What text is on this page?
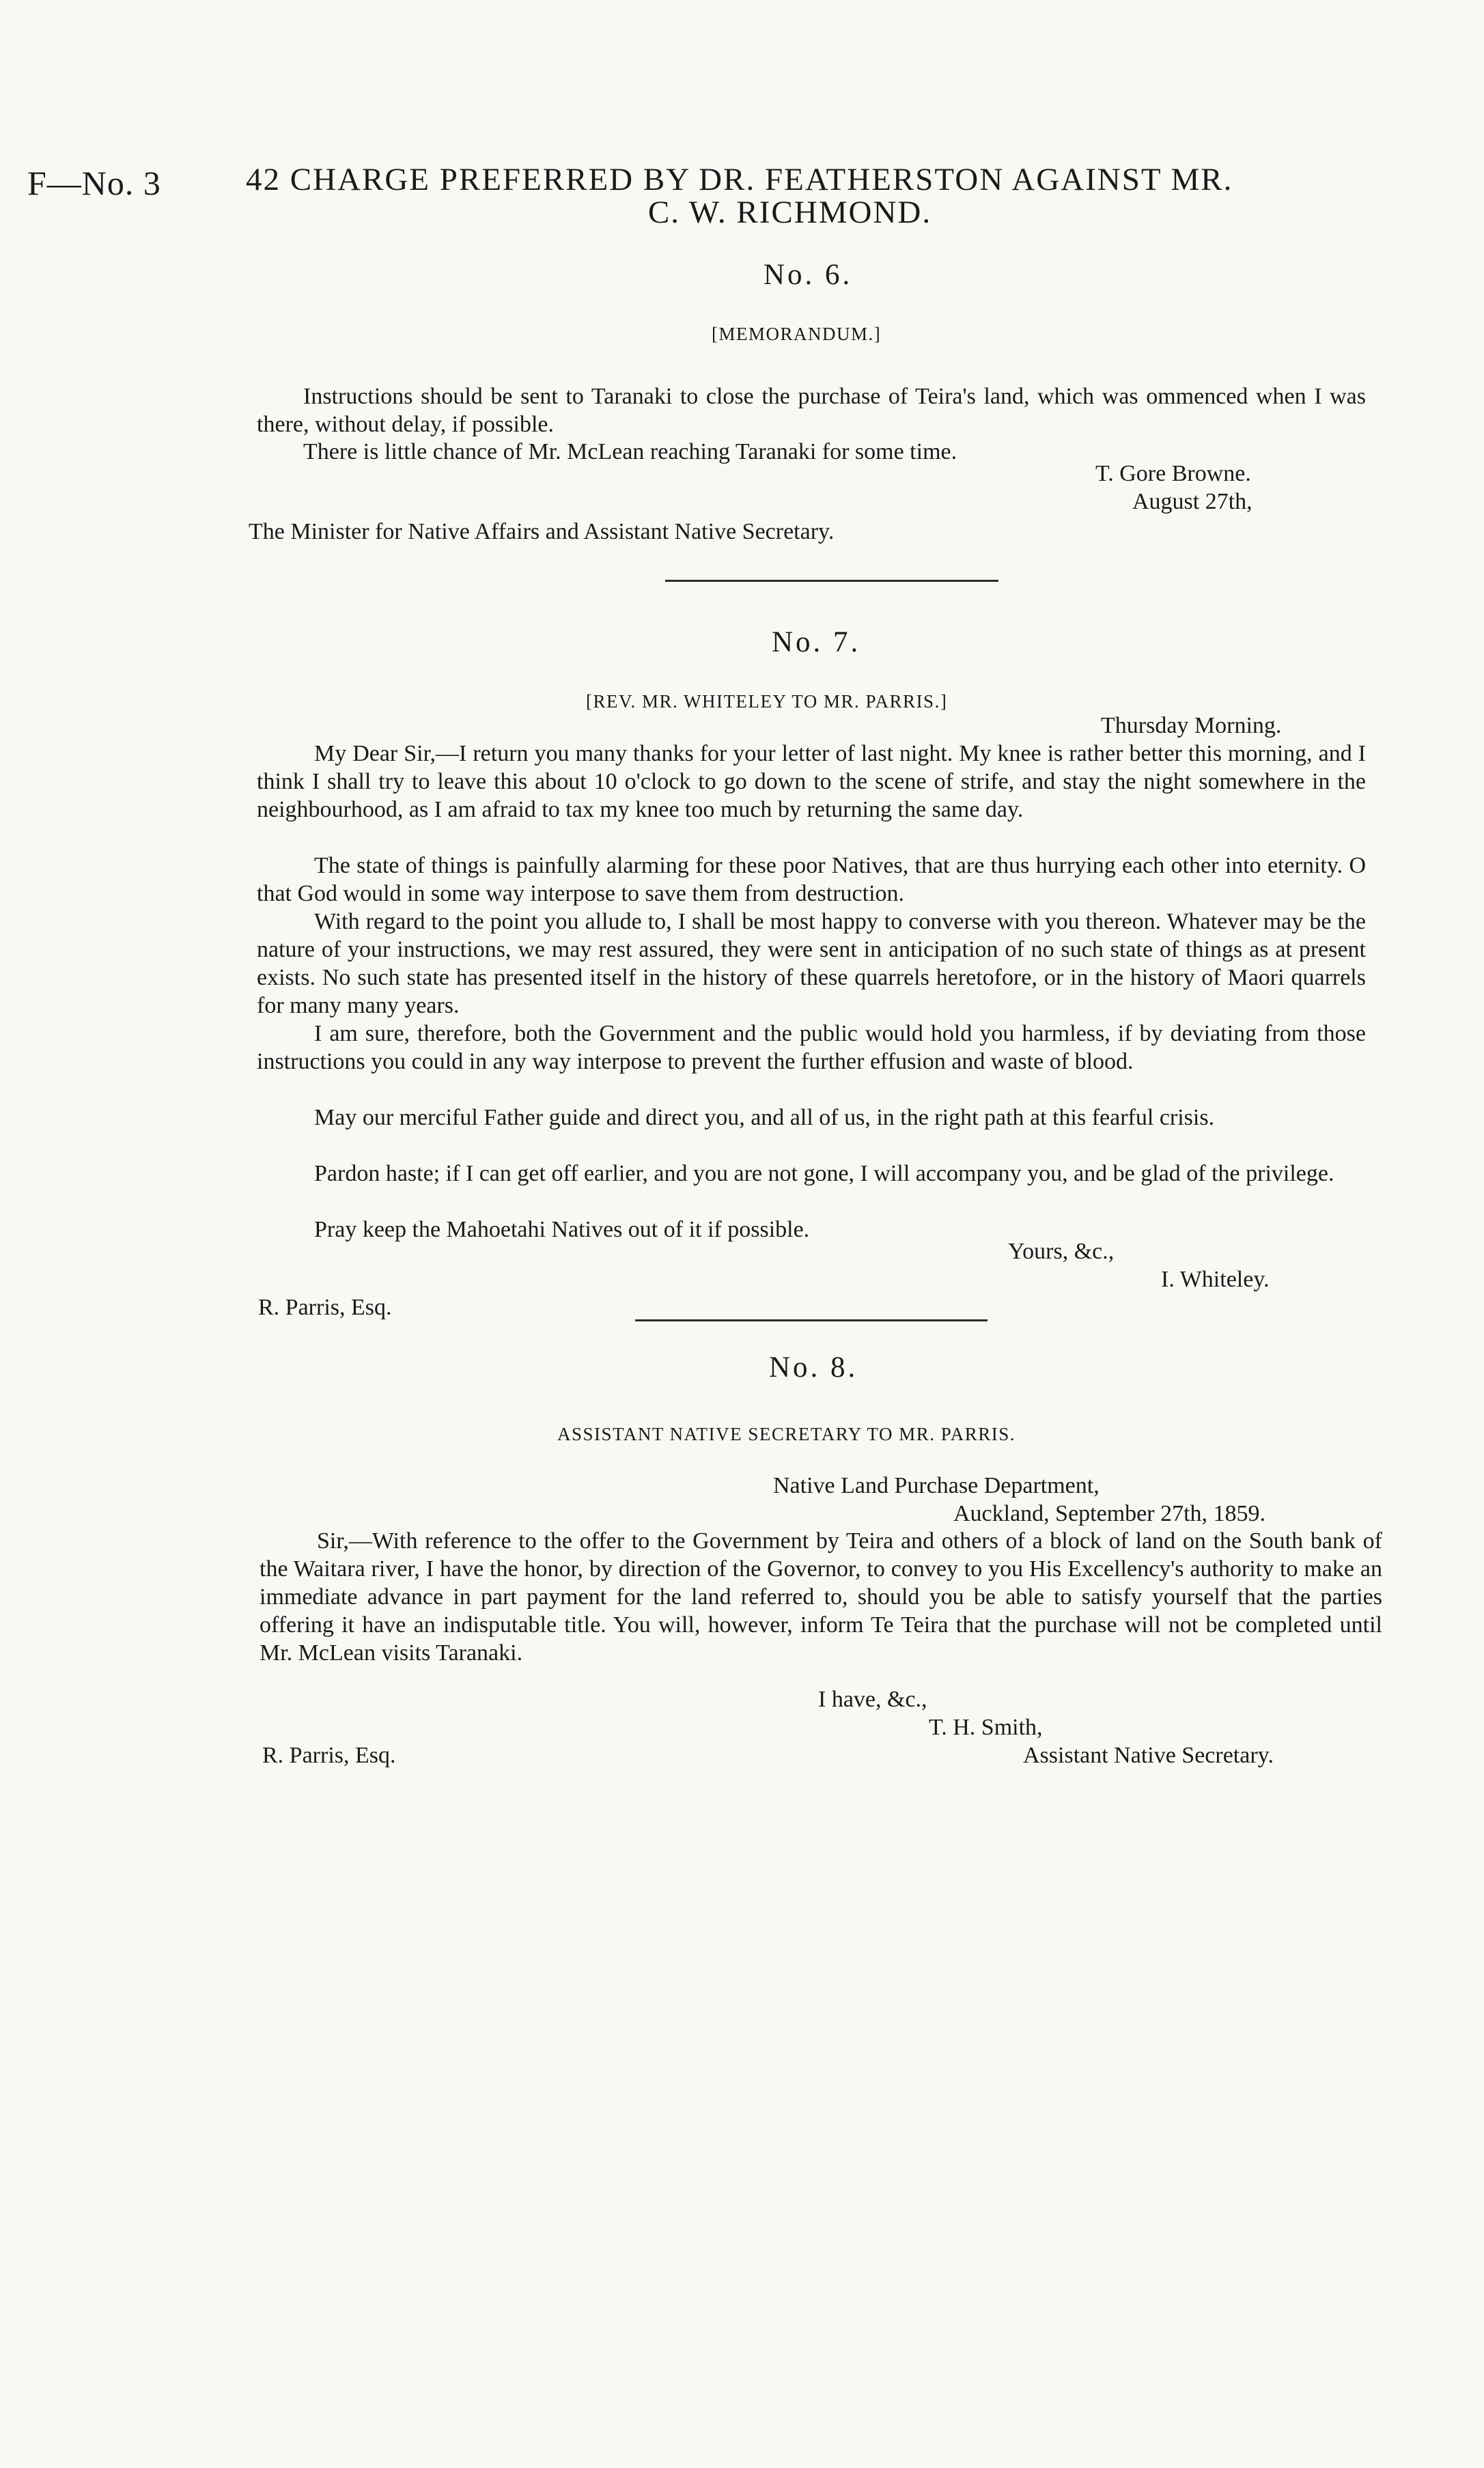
F—No. 3	42 CHARGE PREFERRED BY DR. FEATHERSTON AGAINST MR.
C. W. RICHMOND.
No. 6.
[MEMORANDUM.]
Instructions should be sent to Taranaki to close the purchase of Teira's land, which was ommenced when I was there, without delay, if possible.
There is little chance of Mr. McLean reaching Taranaki for some time.
T. Gore Browne.
August 27th,
The Minister for Native Affairs and Assistant Native Secretary.
No. 7.
[REV. MR. WHITELEY TO MR. PARRIS.]
Thursday Morning.
My Dear Sir,—I return you many thanks for your letter of last night. My knee is rather better this morning, and I think I shall try to leave this about 10 o'clock to go down to the scene of strife, and stay the night somewhere in the neighbourhood, as I am afraid to tax my knee too much by returning the same day.
The state of things is painfully alarming for these poor Natives, that are thus hurrying each other into eternity. O that God would in some way interpose to save them from destruction.
With regard to the point you allude to, I shall be most happy to converse with you thereon. Whatever may be the nature of your instructions, we may rest assured, they were sent in anticipation of no such state of things as at present exists. No such state has presented itself in the history of these quarrels heretofore, or in the history of Maori quarrels for many many years.
I am sure, therefore, both the Government and the public would hold you harmless, if by deviating from those instructions you could in any way interpose to prevent the further effusion and waste of blood.
May our merciful Father guide and direct you, and all of us, in the right path at this fearful crisis.
Pardon haste; if I can get off earlier, and you are not gone, I will accompany you, and be glad of the privilege.
Pray keep the Mahoetahi Natives out of it if possible.
Yours, &c.,
I. Whiteley.
R. Parris, Esq.
No. 8.
ASSISTANT NATIVE SECRETARY TO MR. PARRIS.
Native Land Purchase Department,
Auckland, September 27th, 1859.
Sir,—With reference to the offer to the Government by Teira and others of a block of land on the South bank of the Waitara river, I have the honor, by direction of the Governor, to convey to you His Excellency's authority to make an immediate advance in part payment for the land referred to, should you be able to satisfy yourself that the parties offering it have an indisputable title. You will, however, inform Te Teira that the purchase will not be completed until Mr. McLean visits Taranaki.
I have, &c.,
T. H. Smith,
Assistant Native Secretary.
R. Parris, Esq.
